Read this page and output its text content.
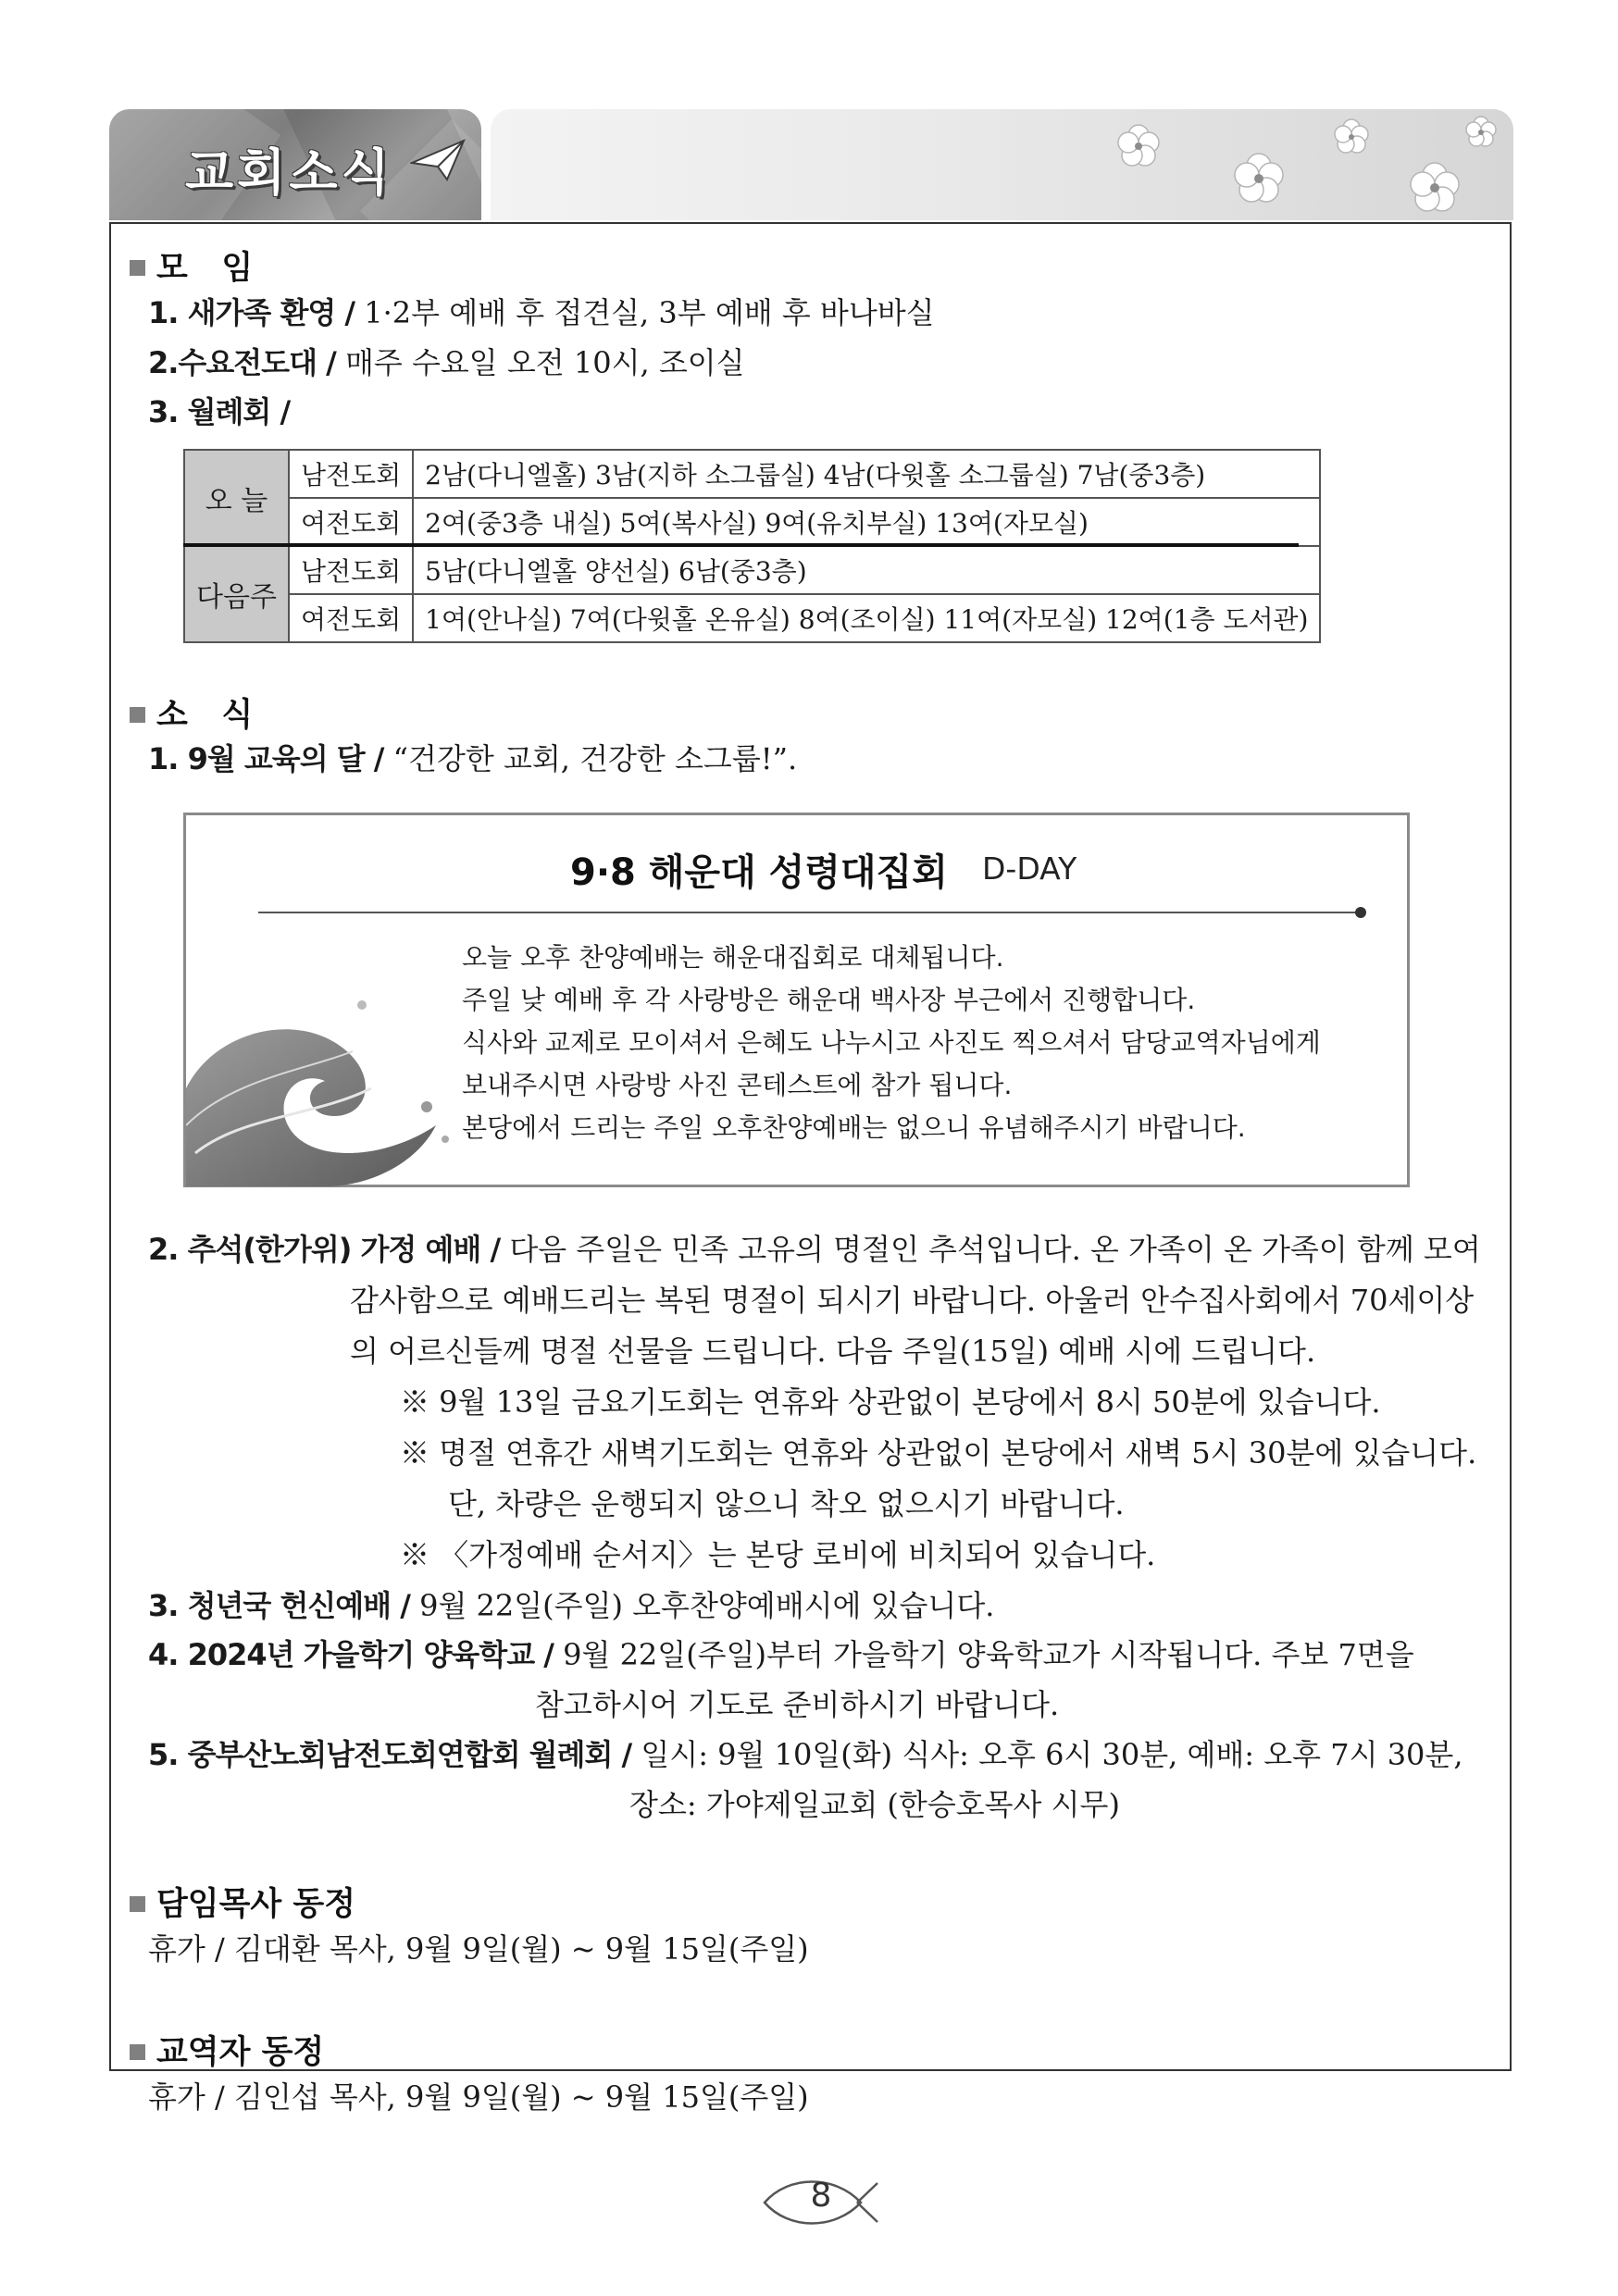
교회소식
모   임
1. 새가족 환영 / 1·2부 예배 후 접견실, 3부 예배 후 바나바실
2.수요전도대 / 매주 수요일 오전 10시, 조이실
3. 월례회 /
오 늘	남전도회	2남(다니엘홀) 3남(지하 소그룹실) 4남(다윗홀 소그룹실) 7남(중3층)
	여전도회	2여(중3층 내실) 5여(복사실) 9여(유치부실) 13여(자모실)
다음주	남전도회	5남(다니엘홀 양선실) 6남(중3층)
	여전도회	1여(안나실) 7여(다윗홀 온유실) 8여(조이실) 11여(자모실) 12여(1층 도서관)
소   식
1. 9월 교육의 달 / “건강한 교회, 건강한 소그룹!”.
9·8 해운대 성령대집회 D-DAY
오늘 오후 찬양예배는 해운대집회로 대체됩니다.
주일 낮 예배 후 각 사랑방은 해운대 백사장 부근에서 진행합니다.
식사와 교제로 모이셔서 은혜도 나누시고 사진도 찍으셔서 담당교역자님에게
보내주시면 사랑방 사진 콘테스트에 참가 됩니다.
본당에서 드리는 주일 오후찬양예배는 없으니 유념해주시기 바랍니다.
2. 추석(한가위) 가정 예배 / 다음 주일은 민족 고유의 명절인 추석입니다. 온 가족이 온 가족이 함께 모여
감사함으로 예배드리는 복된 명절이 되시기 바랍니다. 아울러 안수집사회에서 70세이상
의 어르신들께 명절 선물을 드립니다. 다음 주일(15일) 예배 시에 드립니다.
※ 9월 13일 금요기도회는 연휴와 상관없이 본당에서 8시 50분에 있습니다.
※ 명절 연휴간 새벽기도회는 연휴와 상관없이 본당에서 새벽 5시 30분에 있습니다.
단, 차량은 운행되지 않으니 착오 없으시기 바랍니다.
※ 〈가정예배 순서지〉는 본당 로비에 비치되어 있습니다.
3. 청년국 헌신예배 / 9월 22일(주일) 오후찬양예배시에 있습니다.
4. 2024년 가을학기 양육학교 / 9월 22일(주일)부터 가을학기 양육학교가 시작됩니다. 주보 7면을
참고하시어 기도로 준비하시기 바랍니다.
5. 중부산노회남전도회연합회 월례회 / 일시: 9월 10일(화) 식사: 오후 6시 30분, 예배: 오후 7시 30분,
장소: 가야제일교회 (한승호목사 시무)
담임목사 동정
휴가 / 김대환 목사, 9월 9일(월) ~ 9월 15일(주일)
교역자 동정
휴가 / 김인섭 목사, 9월 9일(월) ~ 9월 15일(주일)
8
